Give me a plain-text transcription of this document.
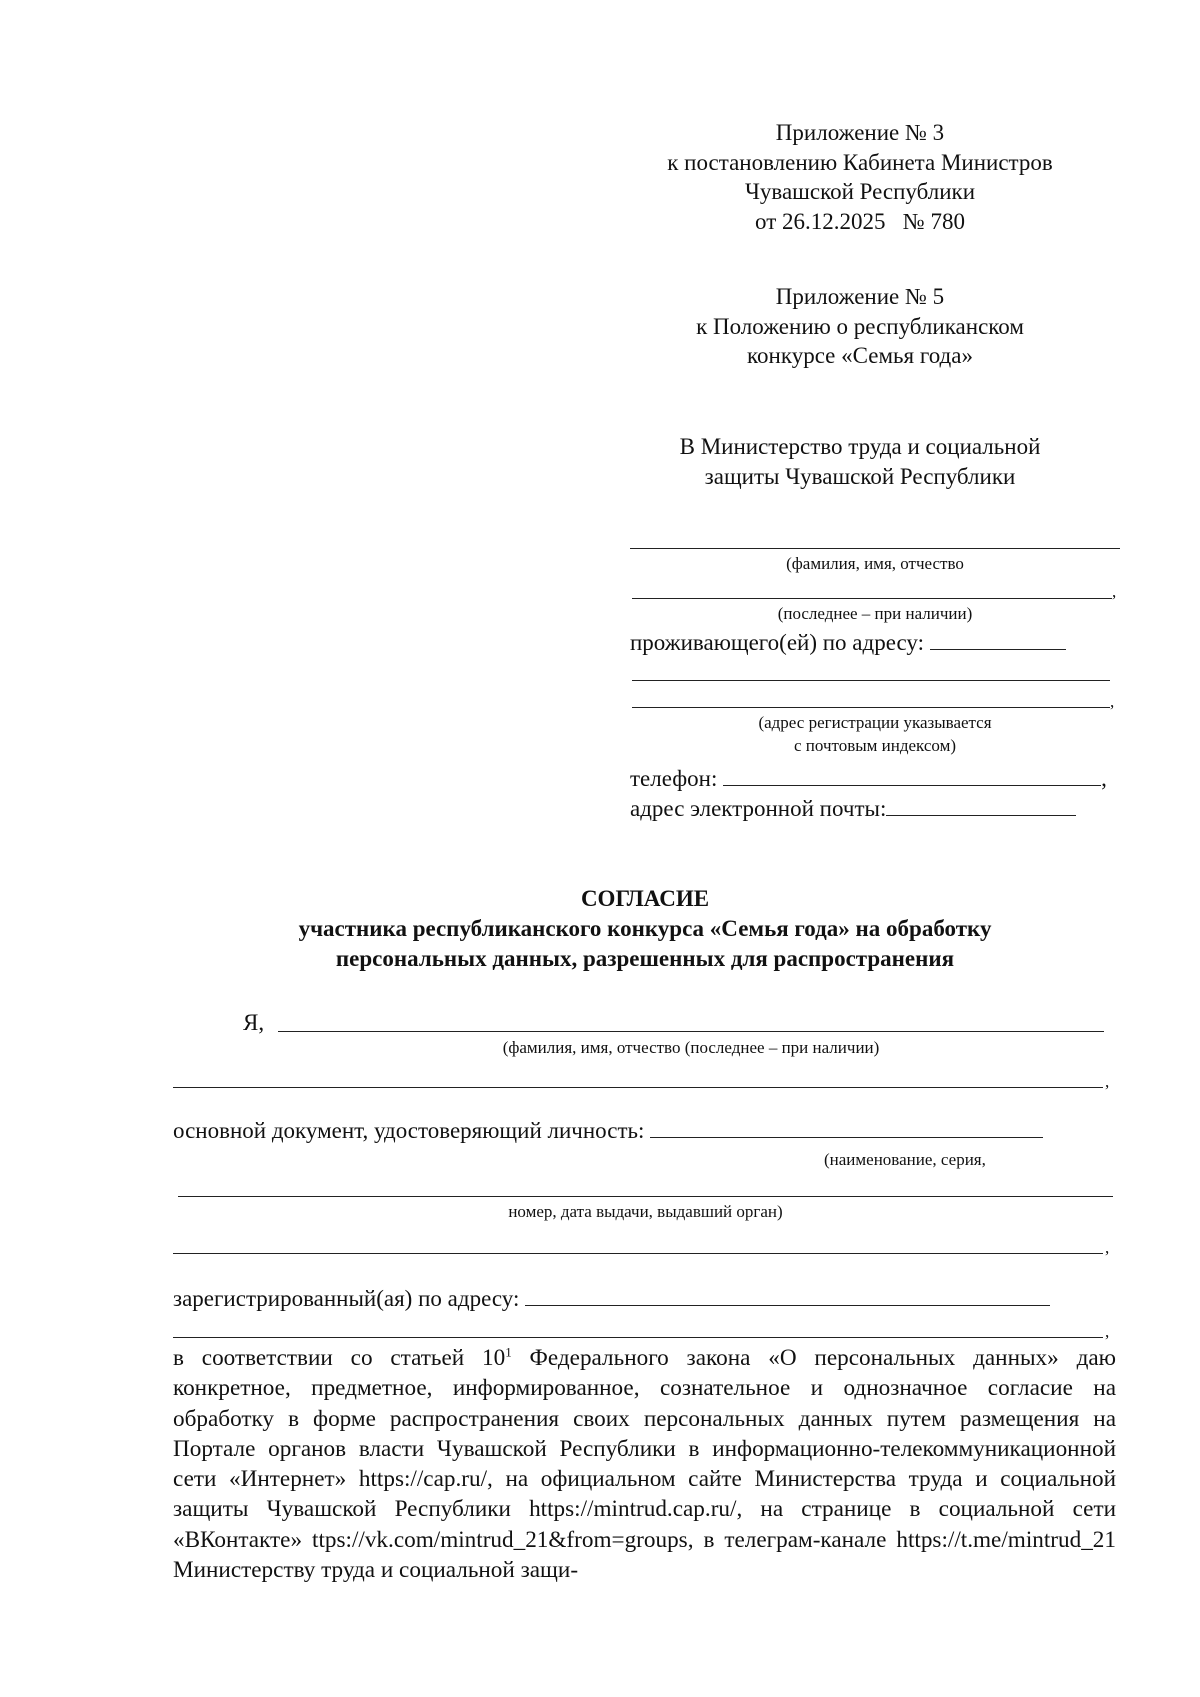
Приложение № 3
к постановлению Кабинета Министров
Чувашской Республики
от 26.12.2025   № 780
Приложение № 5
к Положению о республиканском
конкурсе «Семья года»
В Министерство труда и социальной
защиты Чувашской Республики
(фамилия, имя, отчество
,
(последнее – при наличии)
проживающего(ей) по адресу:
,
(адрес регистрации указывается
с почтовым индексом)
телефон:	,
адрес электронной почты:
СОГЛАСИЕ
участника республиканского конкурса «Семья года» на обработку
персональных данных, разрешенных для распространения
Я,
(фамилия, имя, отчество (последнее – при наличии)
,
основной документ, удостоверяющий личность:
(наименование, серия,
номер, дата выдачи, выдавший орган)
,
зарегистрированный(ая) по адресу:
,
в соответствии со статьей $10^1$ Федерального закона «О персональных данных» даю конкретное, предметное, информированное, сознательное и однозначное согласие на обработку в форме распространения своих персональных данных путем размещения на Портале органов власти Чувашской Республики в информационно-телекоммуникационной сети «Интернет» https://cap.ru/, на официальном сайте Министерства труда и социальной защиты Чувашской Республики https://mintrud.cap.ru/, на странице в социальной сети «ВКонтакте» ttps://vk.com/mintrud_21&from=groups, в телеграм-канале https://t.me/mintrud_21 Министерству труда и социальной защи-
